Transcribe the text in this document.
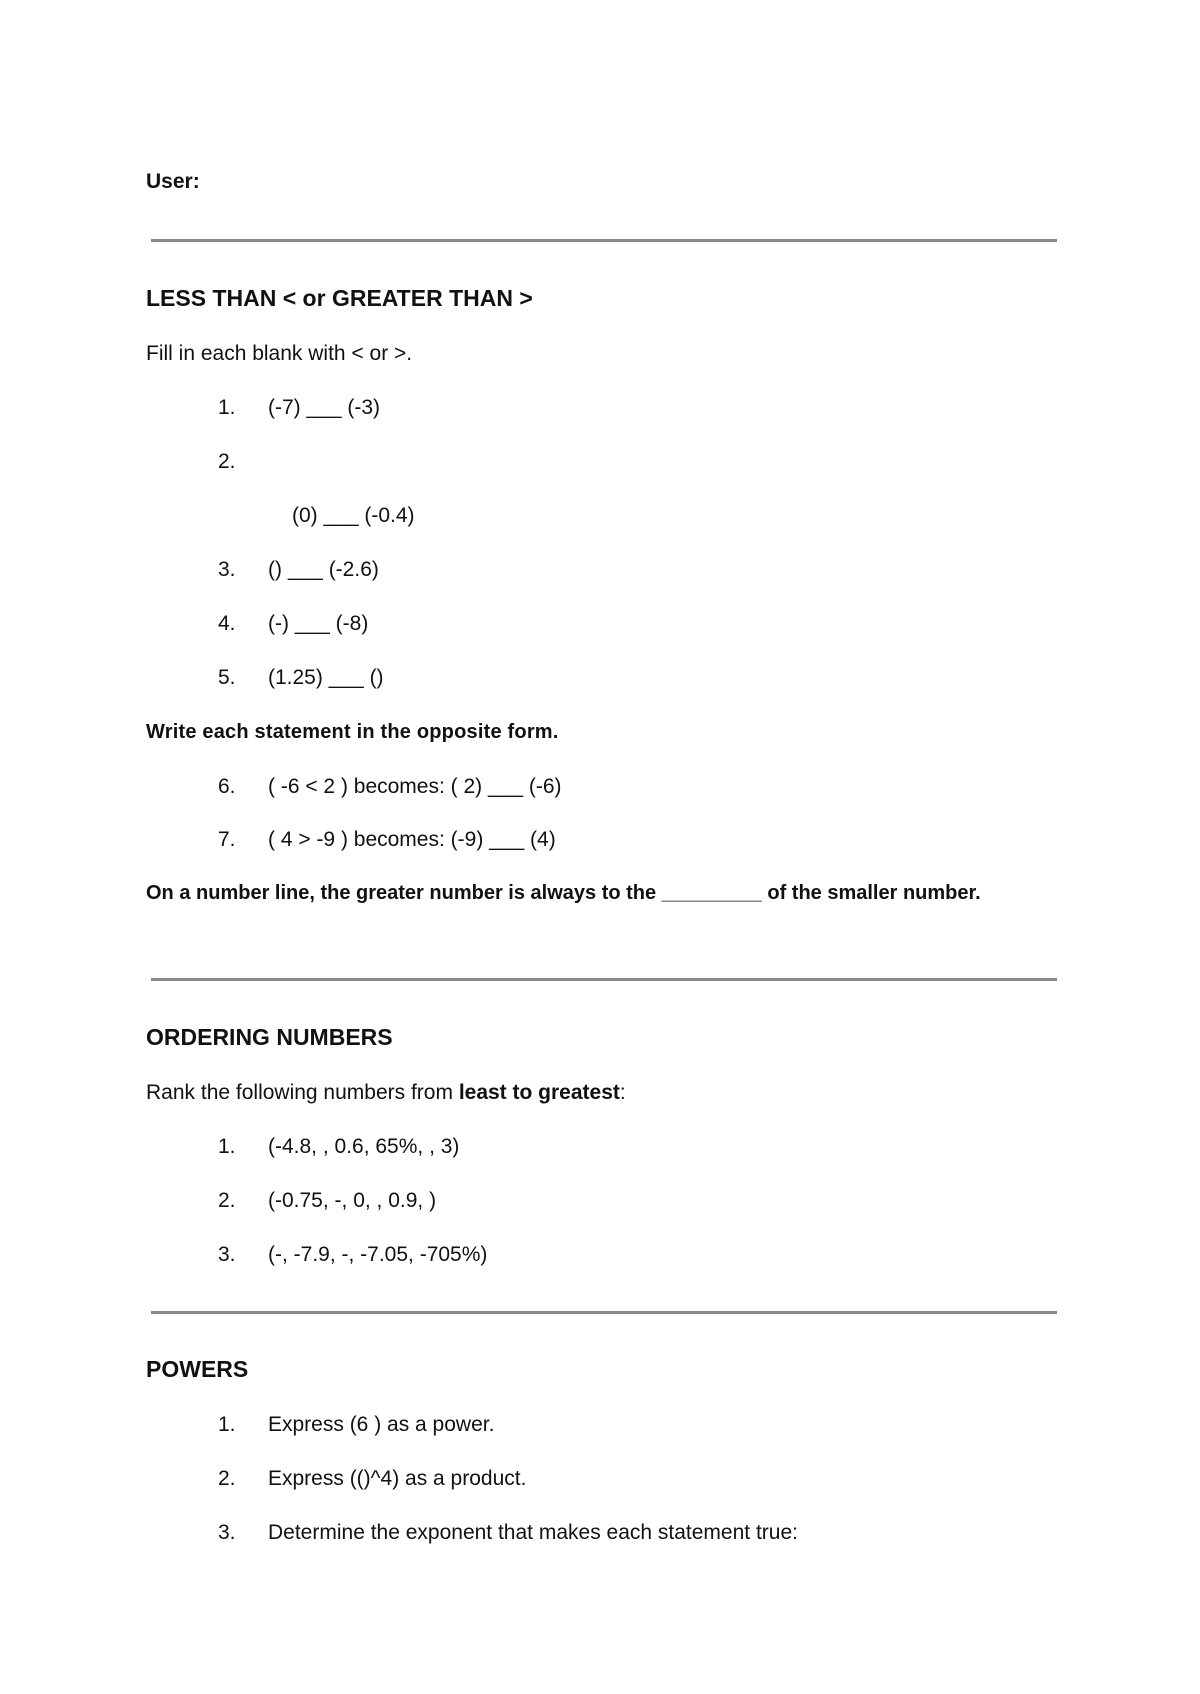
User:
LESS THAN < or GREATER THAN >
Fill in each blank with < or >.
1. (-7) ___ (-3)
2.
(0) ___ (-0.4)
3. () ___ (-2.6)
4. (-) ___ (-8)
5. (1.25) ___ ()
Write each statement in the opposite form.
6. ( -6 < 2 ) becomes: ( 2) ___ (-6)
7. ( 4 > -9 ) becomes: (-9) ___ (4)
On a number line, the greater number is always to the _________ of the smaller number.
ORDERING NUMBERS
Rank the following numbers from least to greatest:
1. (-4.8, , 0.6, 65%, , 3)
2. (-0.75, -, 0, , 0.9, )
3. (-, -7.9, -, -7.05, -705%)
POWERS
1. Express (6 ) as a power.
2. Express (()^4) as a product.
3. Determine the exponent that makes each statement true:
